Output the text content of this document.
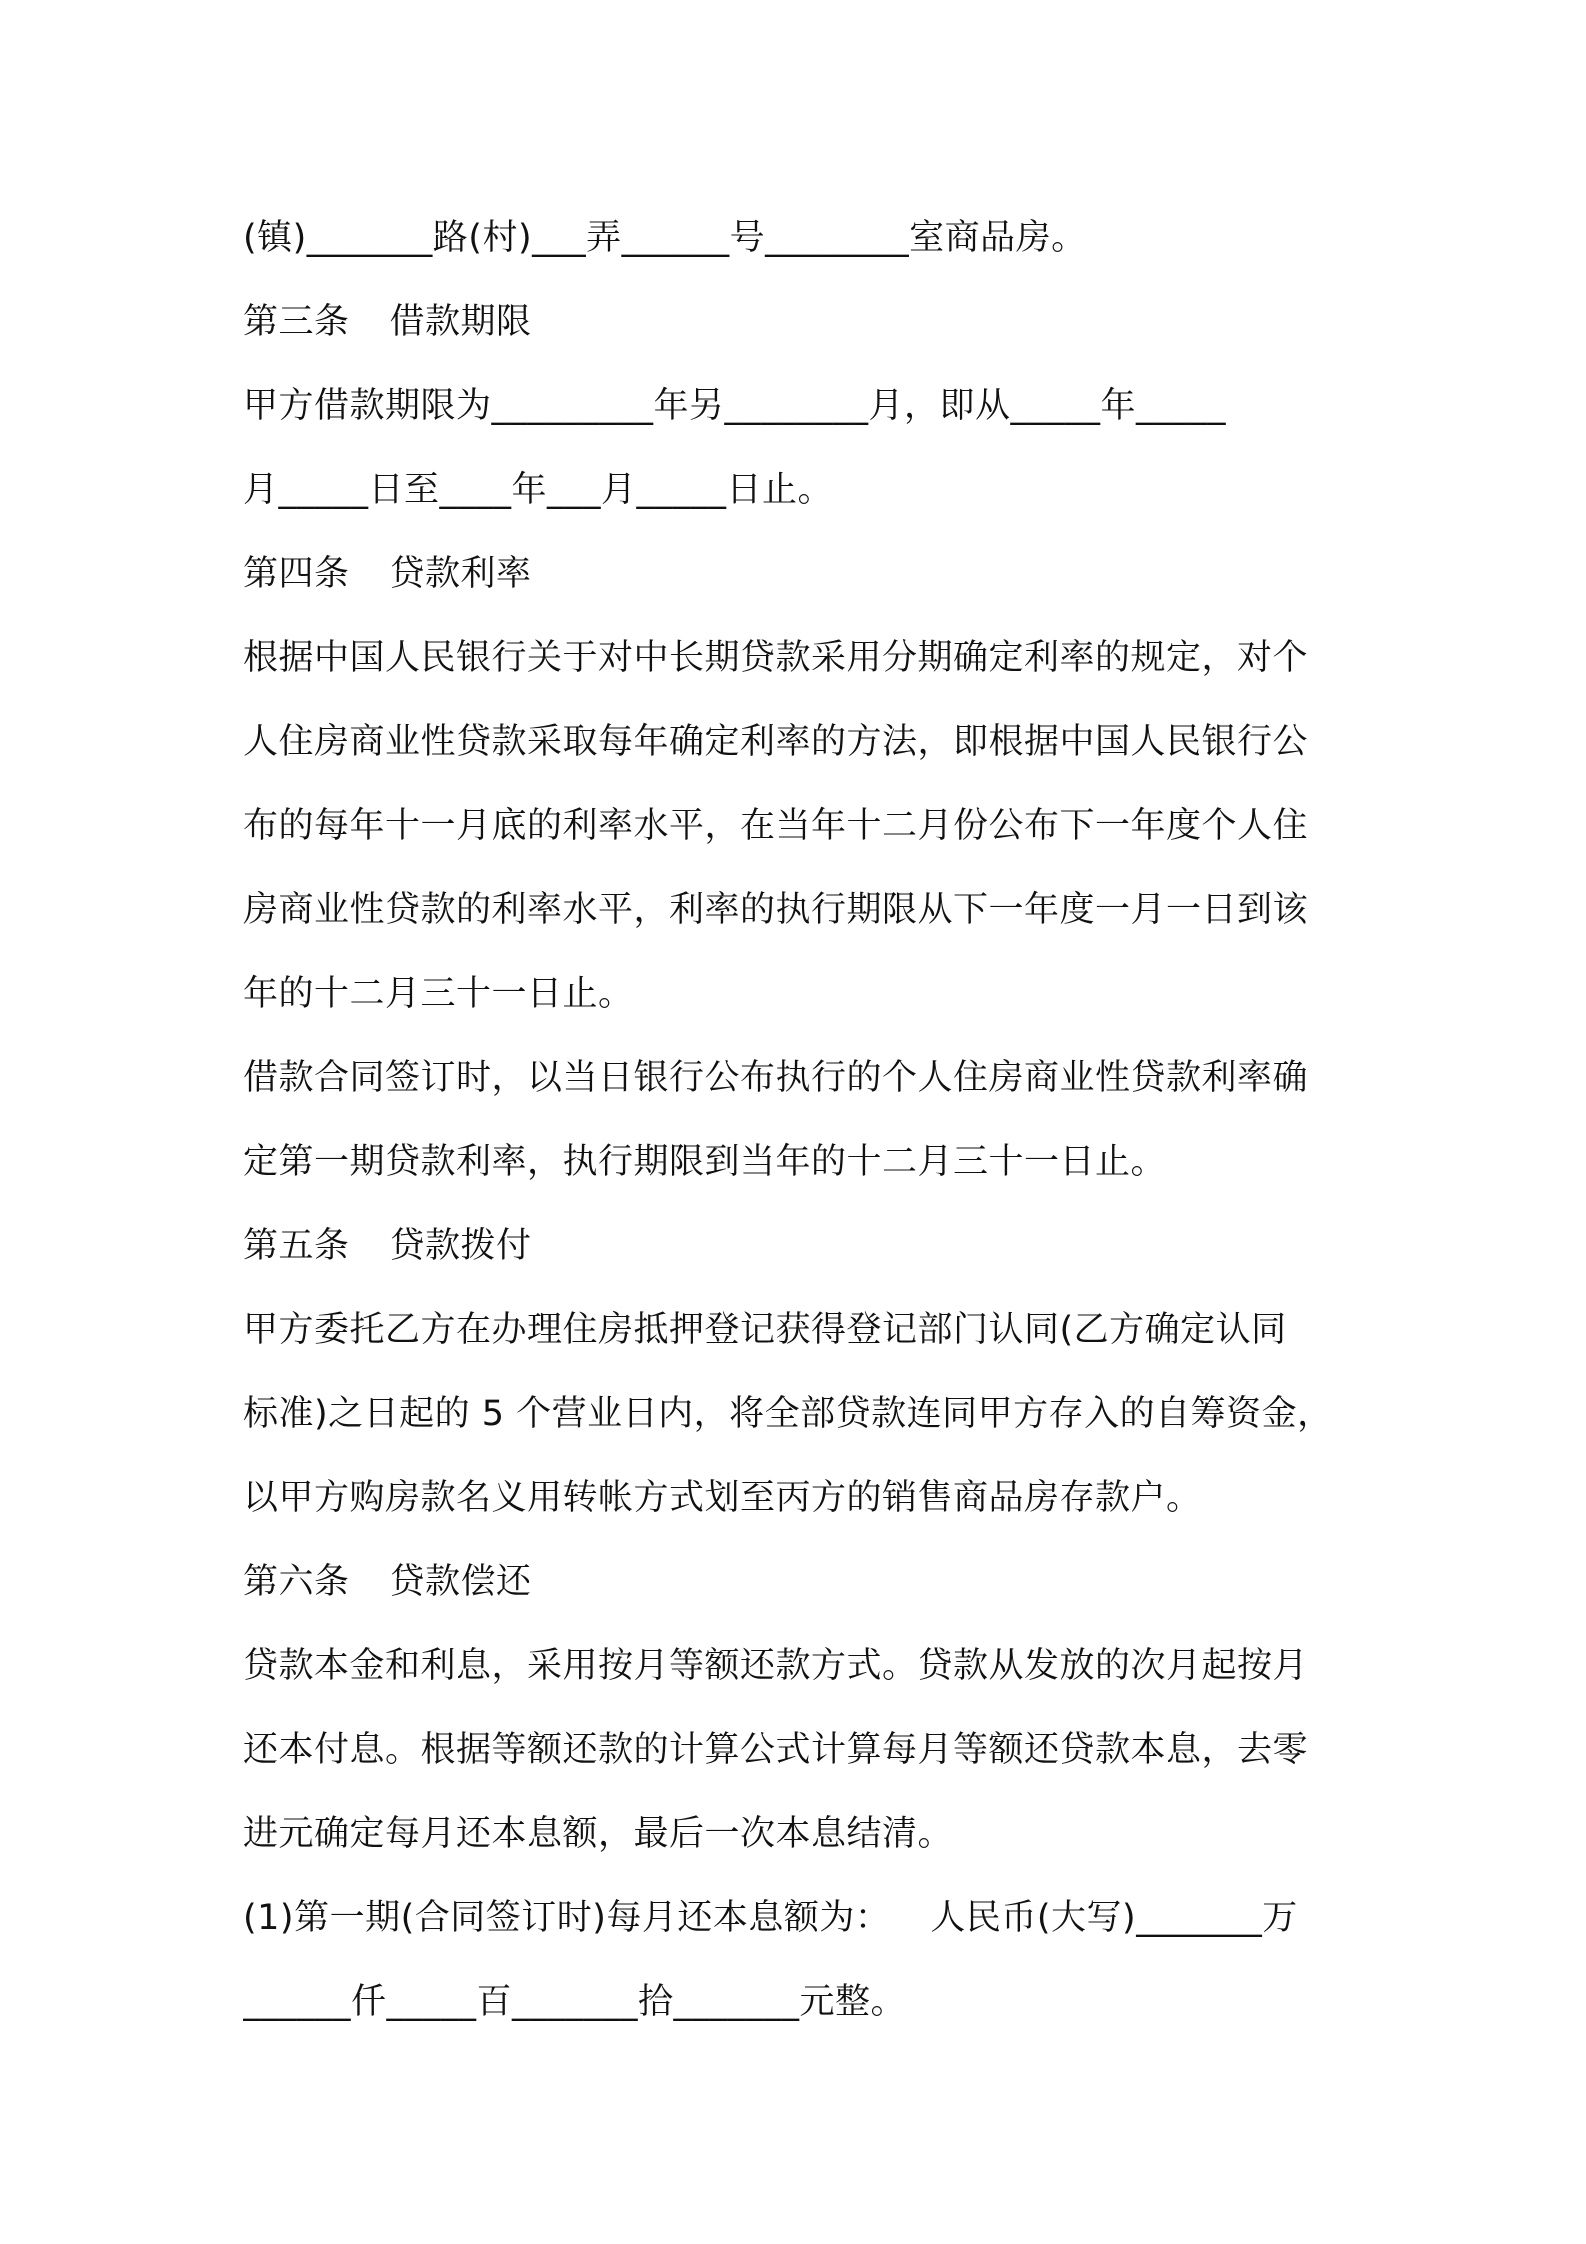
(镇)_______路(村)___弄______号________室商品房。
第三条 借款期限
甲方借款期限为_________年另________月，即从_____年_____
月_____日至____年___月_____日止。
第四条 贷款利率
根据中国人民银行关于对中长期贷款采用分期确定利率的规定，对个
人住房商业性贷款采取每年确定利率的方法，即根据中国人民银行公
布的每年十一月底的利率水平，在当年十二月份公布下一年度个人住
房商业性贷款的利率水平，利率的执行期限从下一年度一月一日到该
年的十二月三十一日止。
借款合同签订时，以当日银行公布执行的个人住房商业性贷款利率确
定第一期贷款利率，执行期限到当年的十二月三十一日止。
第五条 贷款拨付
甲方委托乙方在办理住房抵押登记获得登记部门认同(乙方确定认同
标准)之日起的 5 个营业日内，将全部贷款连同甲方存入的自筹资金，
以甲方购房款名义用转帐方式划至丙方的销售商品房存款户。
第六条 贷款偿还
贷款本金和利息，采用按月等额还款方式。贷款从发放的次月起按月
还本付息。根据等额还款的计算公式计算每月等额还贷款本息，去零
进元确定每月还本息额，最后一次本息结清。
(1)第一期(合同签订时)每月还本息额为： 人民币(大写)_______万
______仟_____百_______拾_______元整。
